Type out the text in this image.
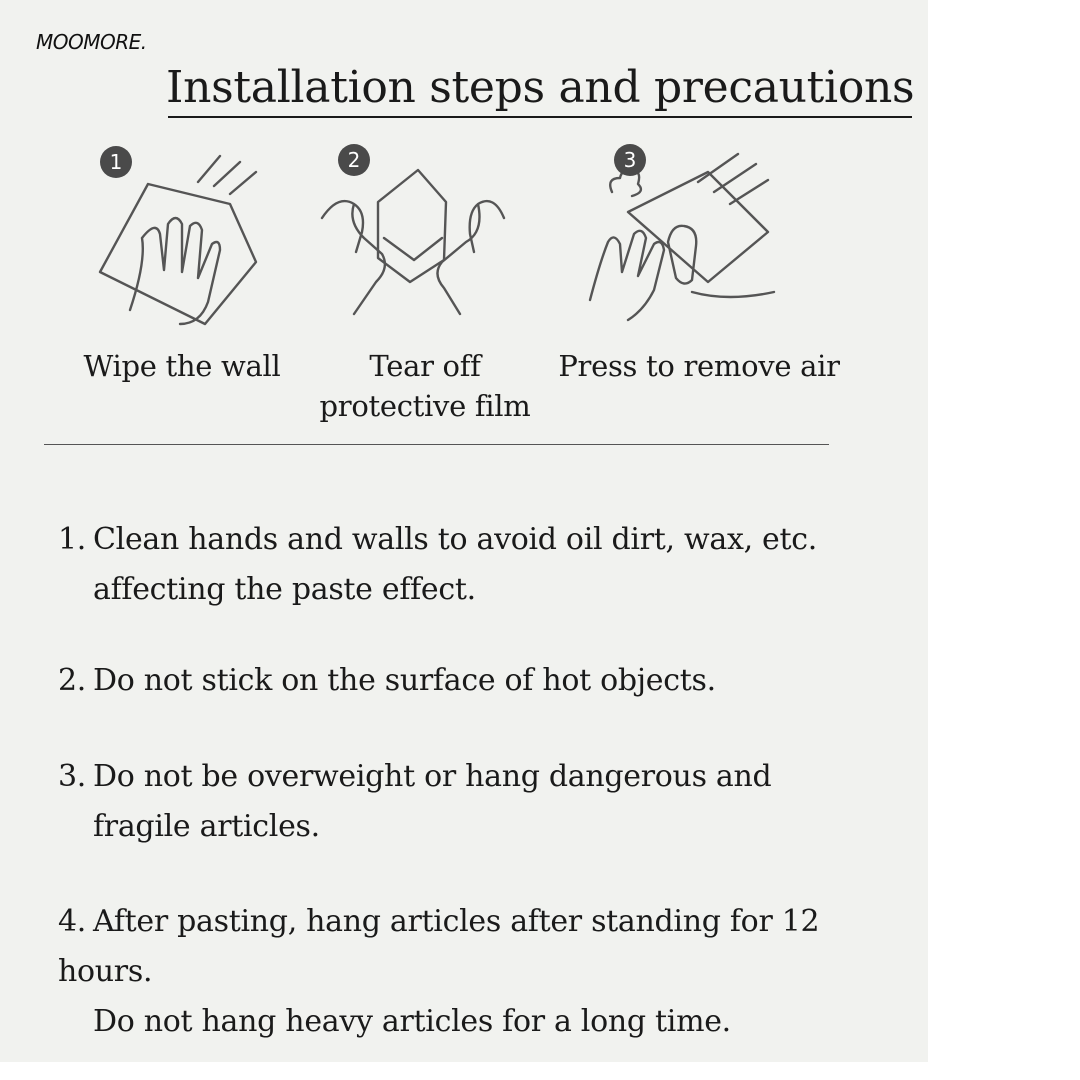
MOOMORE.
Installation steps and precautions
1	2	3
Wipe the wall	Tear off
protective film
Press to remove air
1. Clean hands and walls to avoid oil dirt, wax, etc.
affecting the paste effect.
2. Do not stick on the surface of hot objects.
3. Do not be overweight or hang dangerous and
fragile articles.
4. After pasting, hang articles after standing for 12 hours.
Do not hang heavy articles for a long time.
